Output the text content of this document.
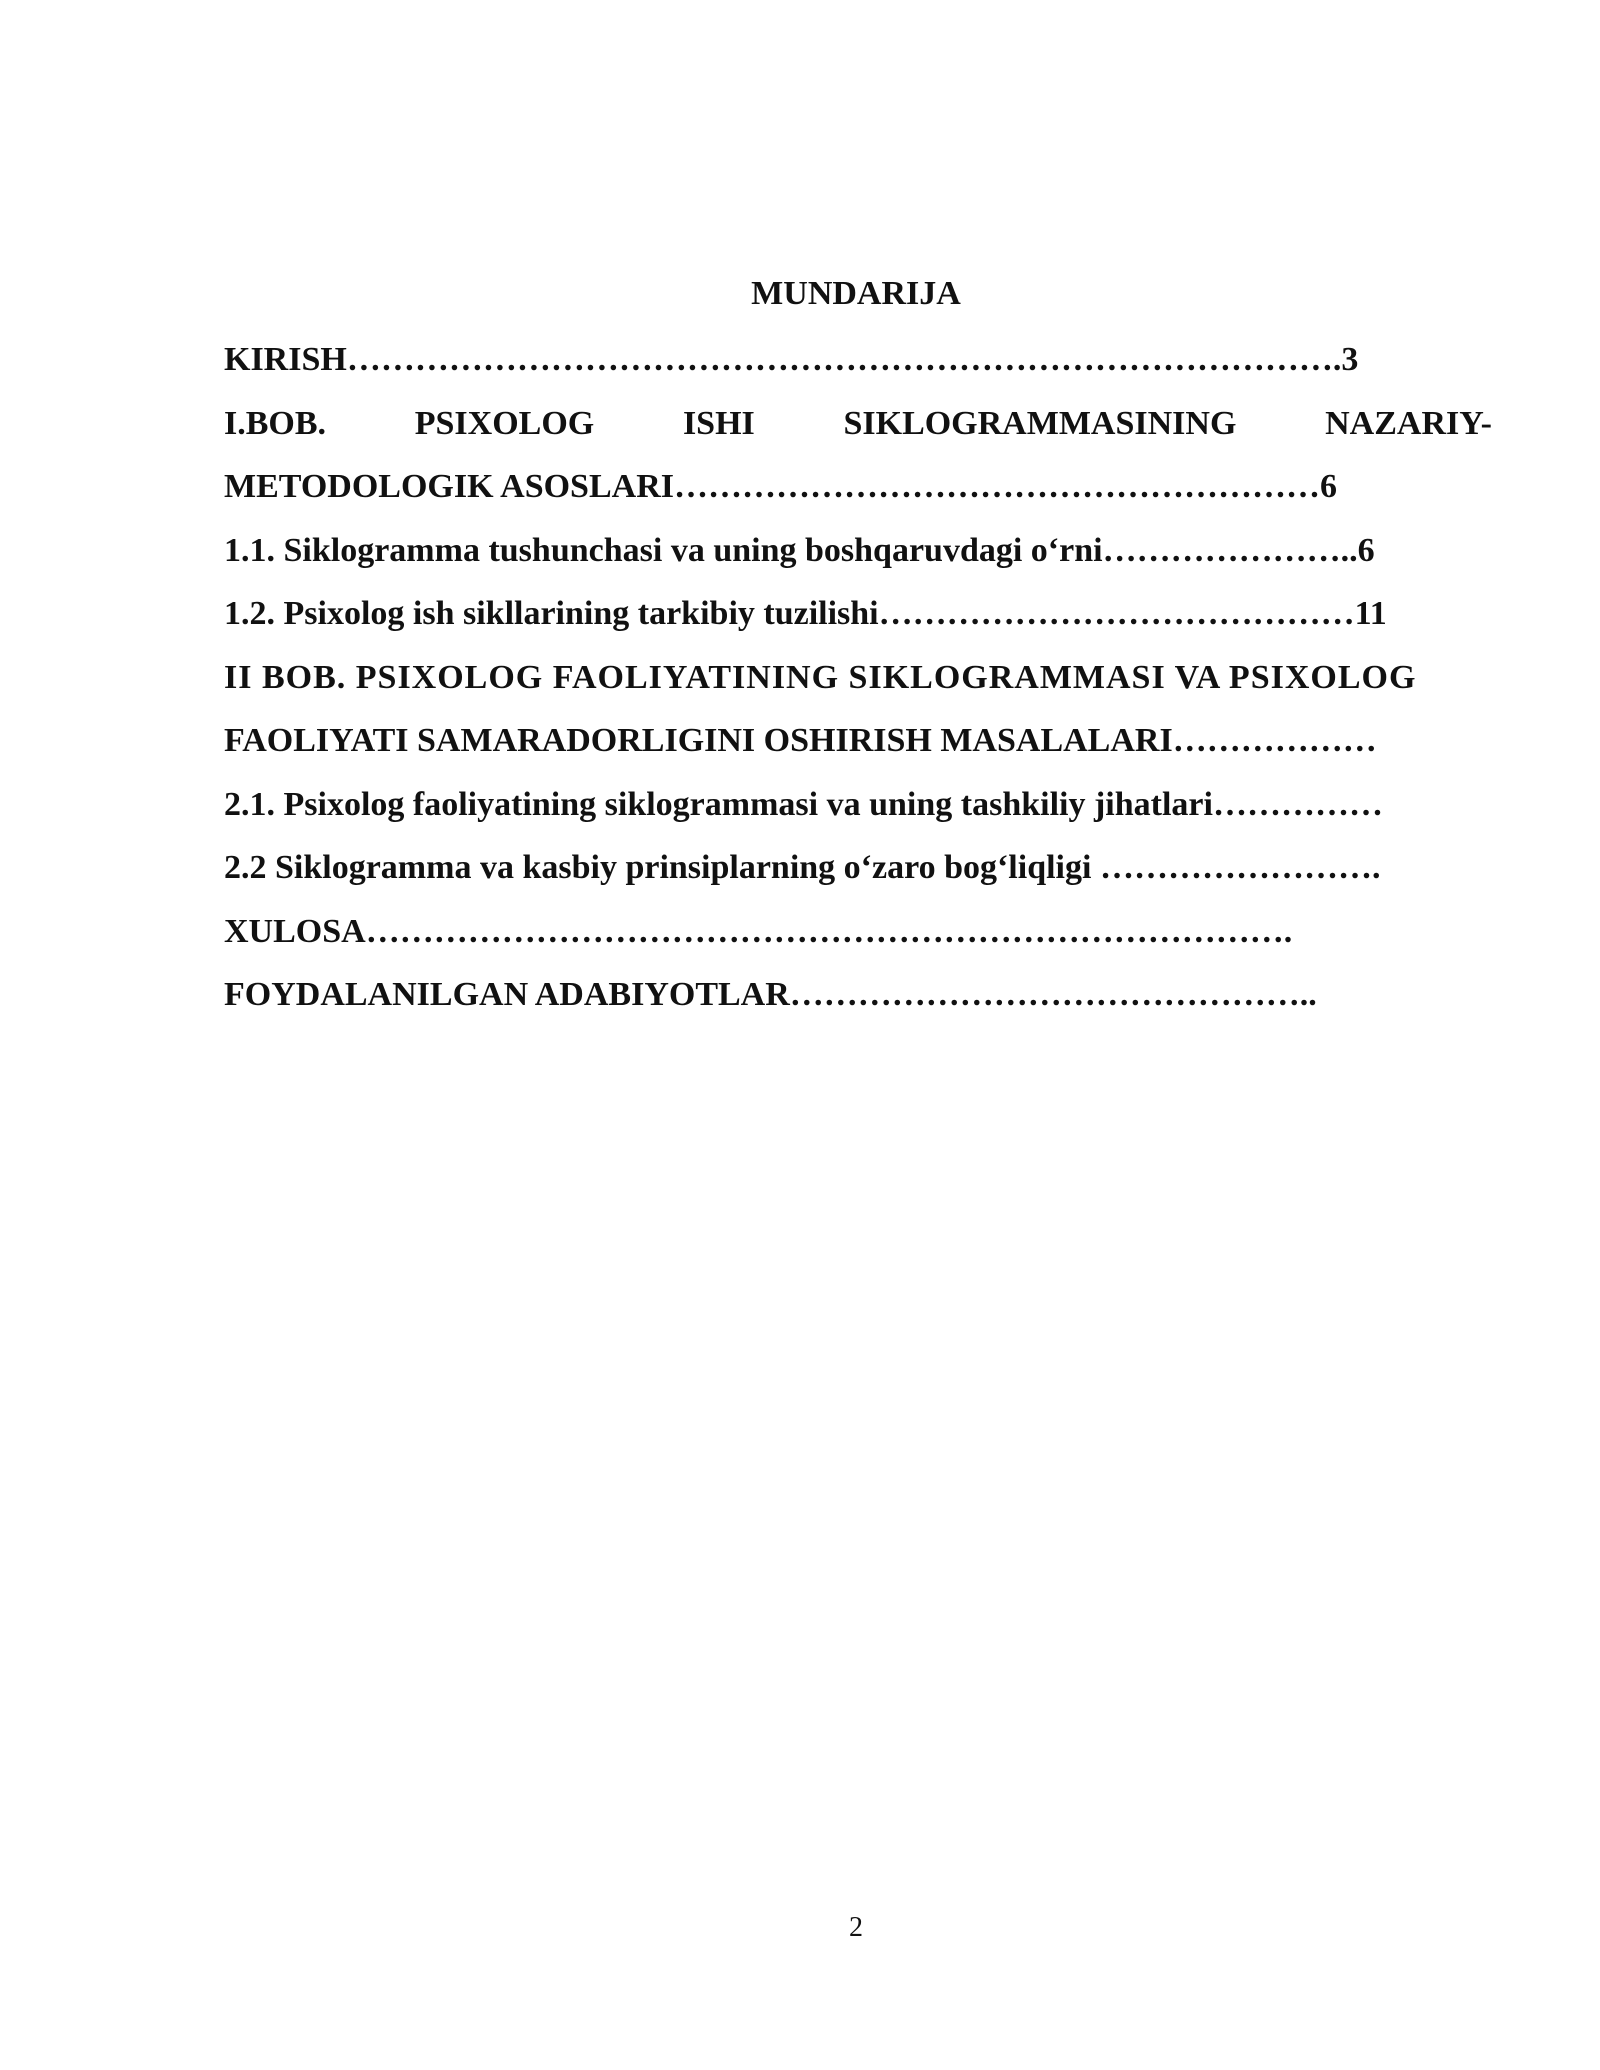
MUNDARIJA
KIRISH…………………………………………………………………………….3
I.BOB. PSIXOLOG ISHI SIKLOGRAMMASINING NAZARIY-
METODOLOGIK ASOSLARI…………………………………………………6
1.1. Siklogramma tushunchasi va uning boshqaruvdagi o‘rni…………………..6
1.2. Psixolog ish sikllarining tarkibiy tuzilishi……………………………………11
II BOB. PSIXOLOG FAOLIYATINING SIKLOGRAMMASI VA PSIXOLOG
FAOLIYATI SAMARADORLIGINI OSHIRISH MASALALARI………………
2.1. Psixolog faoliyatining siklogrammasi va uning tashkiliy jihatlari……………
2.2 Siklogramma va kasbiy prinsiplarning o‘zaro bog‘liqligi …………………….
XULOSA……………………………………………………………………….
FOYDALANILGAN ADABIYOTLAR………………………………………..
2
